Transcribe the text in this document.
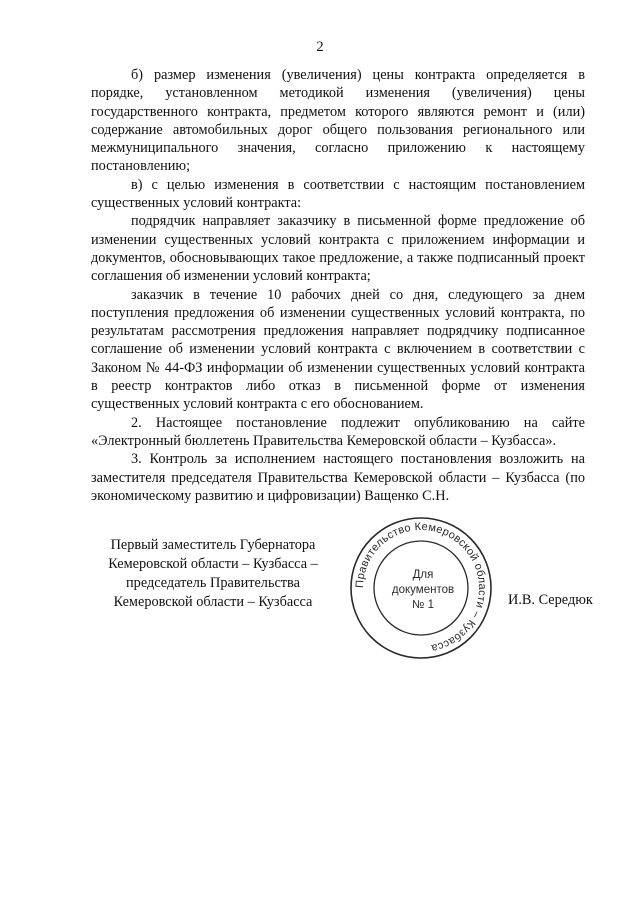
2

б) размер изменения (увеличения) цены контракта определяется в порядке, установленном методикой изменения (увеличения) цены государственного контракта, предметом которого являются ремонт и (или) содержание автомобильных дорог общего пользования регионального или межмуниципального значения, согласно приложению к настоящему постановлению;

в) с целью изменения в соответствии с настоящим постановлением существенных условий контракта:

подрядчик направляет заказчику в письменной форме предложение об изменении существенных условий контракта с приложением информации и документов, обосновывающих такое предложение, а также подписанный проект соглашения об изменении условий контракта;

заказчик в течение 10 рабочих дней со дня, следующего за днем поступления предложения об изменении существенных условий контракта, по результатам рассмотрения предложения направляет подрядчику подписанное соглашение об изменении условий контракта с включением в соответствии с Законом № 44-ФЗ информации об изменении существенных условий контракта в реестр контрактов либо отказ в письменной форме от изменения существенных условий контракта с его обоснованием.

2. Настоящее постановление подлежит опубликованию на сайте «Электронный бюллетень Правительства Кемеровской области – Кузбасса».

3. Контроль за исполнением настоящего постановления возложить на заместителя председателя Правительства Кемеровской области – Кузбасса (по экономическому развитию и цифровизации) Ващенко С.Н.

Первый заместитель Губернатора
Кемеровской области – Кузбасса –
председатель Правительства
Кемеровской области – Кузбасса
Правительство Кемеровской области – Кузбасса
Для
документов
№ 1	И.В. Середюк
